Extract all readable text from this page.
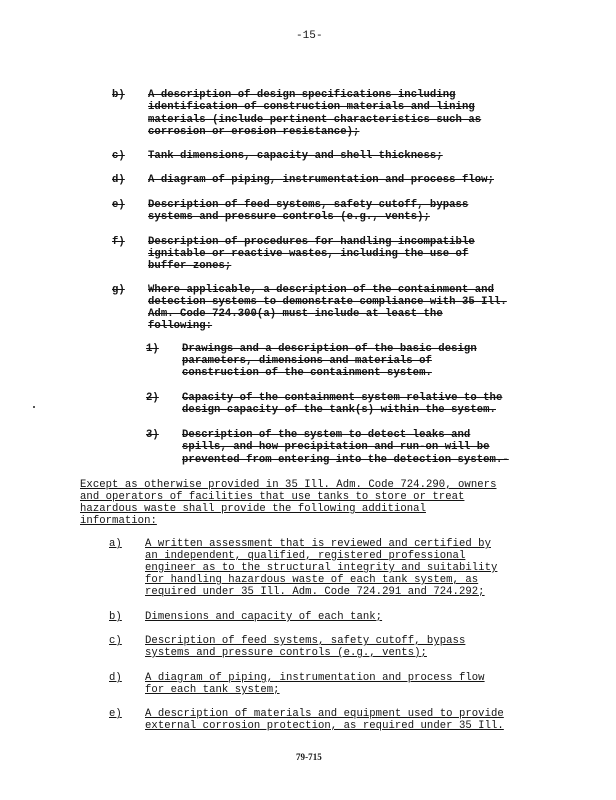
-15-
b) A description of design specifications including
identification of construction materials and lining
materials (include pertinent characteristics such as
corrosion or erosion resistance);
c) Tank dimensions, capacity and shell thickness;
d) A diagram of piping, instrumentation and process flow;
e) Description of feed systems, safety cutoff, bypass
systems and pressure controls (e.g., vents);
f) Description of procedures for handling incompatible
ignitable or reactive wastes, including the use of
buffer zones;
g) Where applicable, a description of the containment and
detection systems to demonstrate compliance with 35 Ill.
Adm. Code 724.300(a) must include at least the
following:
1) Drawings and a description of the basic design
parameters, dimensions and materials of
construction of the containment system.
2) Capacity of the containment system relative to the
design capacity of the tank(s) within the system.
3) Description of the system to detect leaks and
spills, and how precipitation and run-on will be
prevented from entering into the detection system.-
Except as otherwise provided in 35 Ill. Adm. Code 724.290, owners
and operators of facilities that use tanks to store or treat
hazardous waste shall provide the following additional
information:
a) A written assessment that is reviewed and certified by
an independent, qualified, registered professional
engineer as to the structural integrity and suitability
for handling hazardous waste of each tank system, as
required under 35 Ill. Adm. Code 724.291 and 724.292;
b) Dimensions and capacity of each tank;
c) Description of feed systems, safety cutoff, bypass
systems and pressure controls (e.g., vents);
d) A diagram of piping, instrumentation and process flow
for each tank system;
e) A description of materials and equipment used to provide
external corrosion protection, as required under 35 Ill.
79-715
